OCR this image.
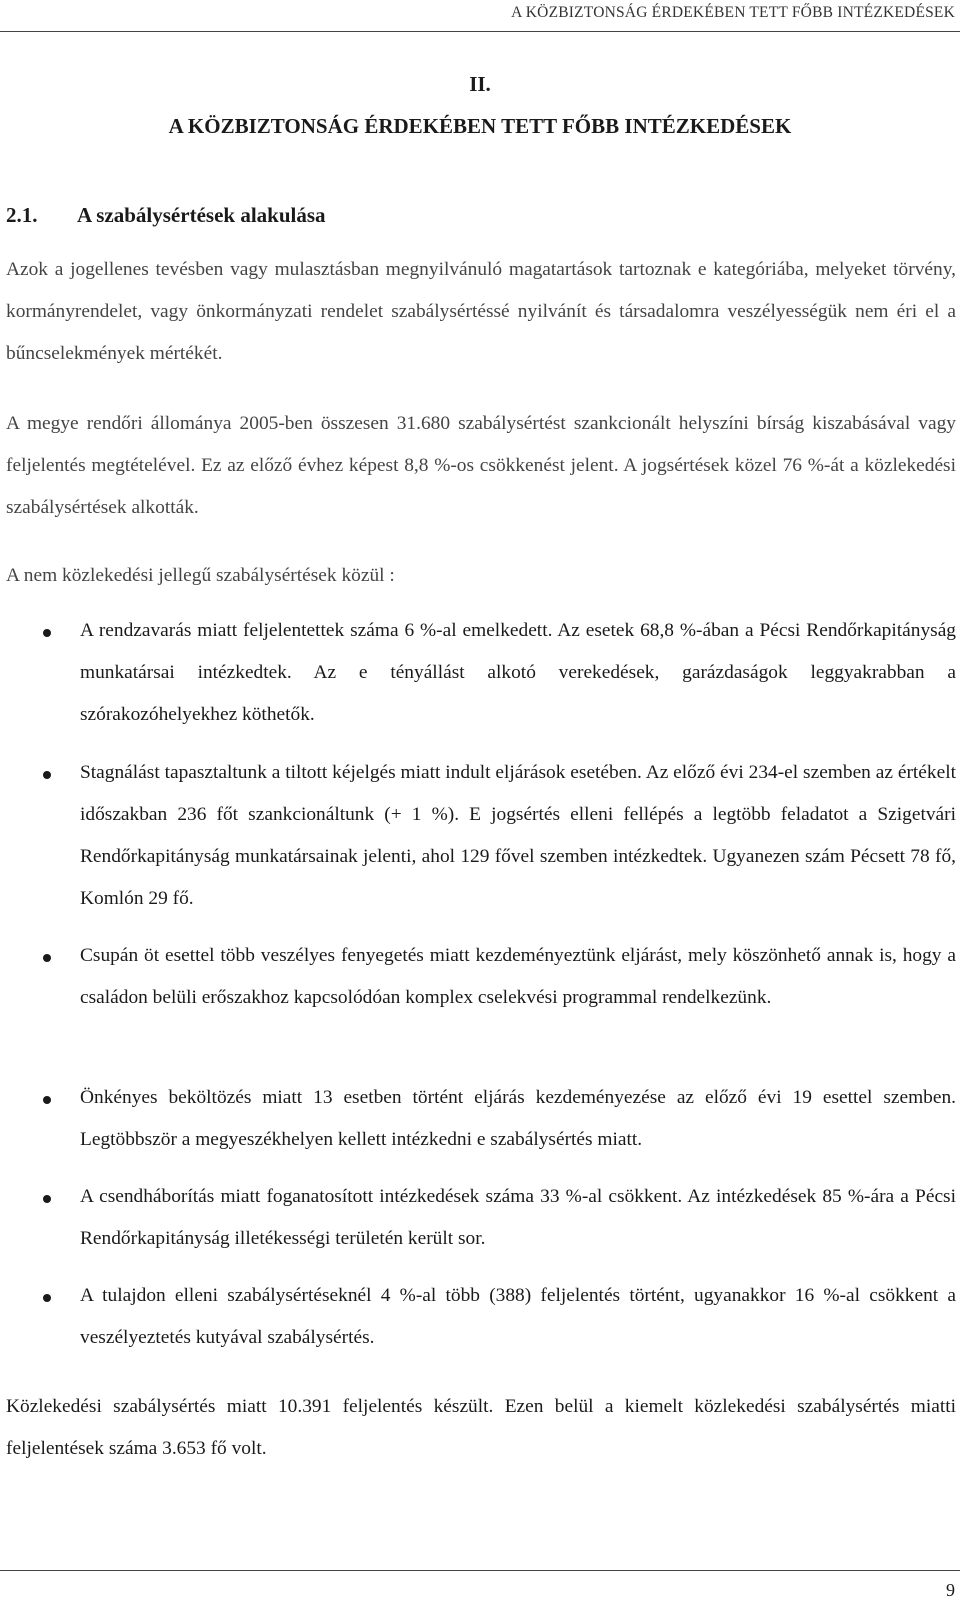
A KÖZBIZTONSÁG ÉRDEKÉBEN TETT FŐBB INTÉZKEDÉSEK
II.
A KÖZBIZTONSÁG ÉRDEKÉBEN TETT FŐBB INTÉZKEDÉSEK
2.1. A szabálysértések alakulása

Azok a jogellenes tevésben vagy mulasztásban megnyilvánuló magatartások tartoznak e kategóriába, melyeket törvény, kormányrendelet, vagy önkormányzati rendelet szabálysértéssé nyilvánít és társadalomra veszélyességük nem éri el a bűncselekmények mértékét.

A megye rendőri állománya 2005-ben összesen 31.680 szabálysértést szankcionált helyszíni bírság kiszabásával vagy feljelentés megtételével. Ez az előző évhez képest 8,8 %-os csökkenést jelent. A jogsértések közel 76 %-át a közlekedési szabálysértések alkották.

A nem közlekedési jellegű szabálysértések közül :

A rendzavarás miatt feljelentettek száma 6 %-al emelkedett. Az esetek 68,8 %-ában a Pécsi Rendőrkapitányság munkatársai intézkedtek. Az e tényállást alkotó verekedések, garázdaságok leggyakrabban a szórakozóhelyekhez köthetők.

Stagnálást tapasztaltunk a tiltott kéjelgés miatt indult eljárások esetében. Az előző évi 234-el szemben az értékelt időszakban 236 főt szankcionáltunk (+ 1 %). E jogsértés elleni fellépés a legtöbb feladatot a Szigetvári Rendőrkapitányság munkatársainak jelenti, ahol 129 fővel szemben intézkedtek. Ugyanezen szám Pécsett 78 fő, Komlón 29 fő.

Csupán öt esettel több veszélyes fenyegetés miatt kezdeményeztünk eljárást, mely köszönhető annak is, hogy a családon belüli erőszakhoz kapcsolódóan komplex cselekvési programmal rendelkezünk.

Önkényes beköltözés miatt 13 esetben történt eljárás kezdeményezése az előző évi 19 esettel szemben. Legtöbbször a megyeszékhelyen kellett intézkedni e szabálysértés miatt.

A csendháborítás miatt foganatosított intézkedések száma 33 %-al csökkent. Az intézkedések 85 %-ára a Pécsi Rendőrkapitányság illetékességi területén került sor.

A tulajdon elleni szabálysértéseknél 4 %-al több (388) feljelentés történt, ugyanakkor 16 %-al csökkent a veszélyeztetés kutyával szabálysértés.

Közlekedési szabálysértés miatt 10.391 feljelentés készült. Ezen belül a kiemelt közlekedési szabálysértés miatti feljelentések száma 3.653 fő volt.

9
